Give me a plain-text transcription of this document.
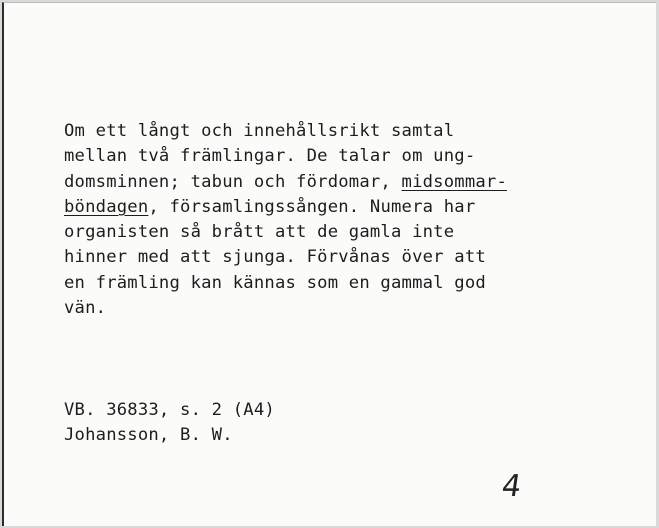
Om ett långt och innehållsrikt samtal
mellan två främlingar. De talar om ung-
domsminnen; tabun och fördomar, midsommar-
böndagen, församlingssången. Numera har
organisten så brått att de gamla inte
hinner med att sjunga. Förvånas över att
en främling kan kännas som en gammal god
vän.
VB. 36833, s. 2 (A4)
Johansson, B. W.
4
